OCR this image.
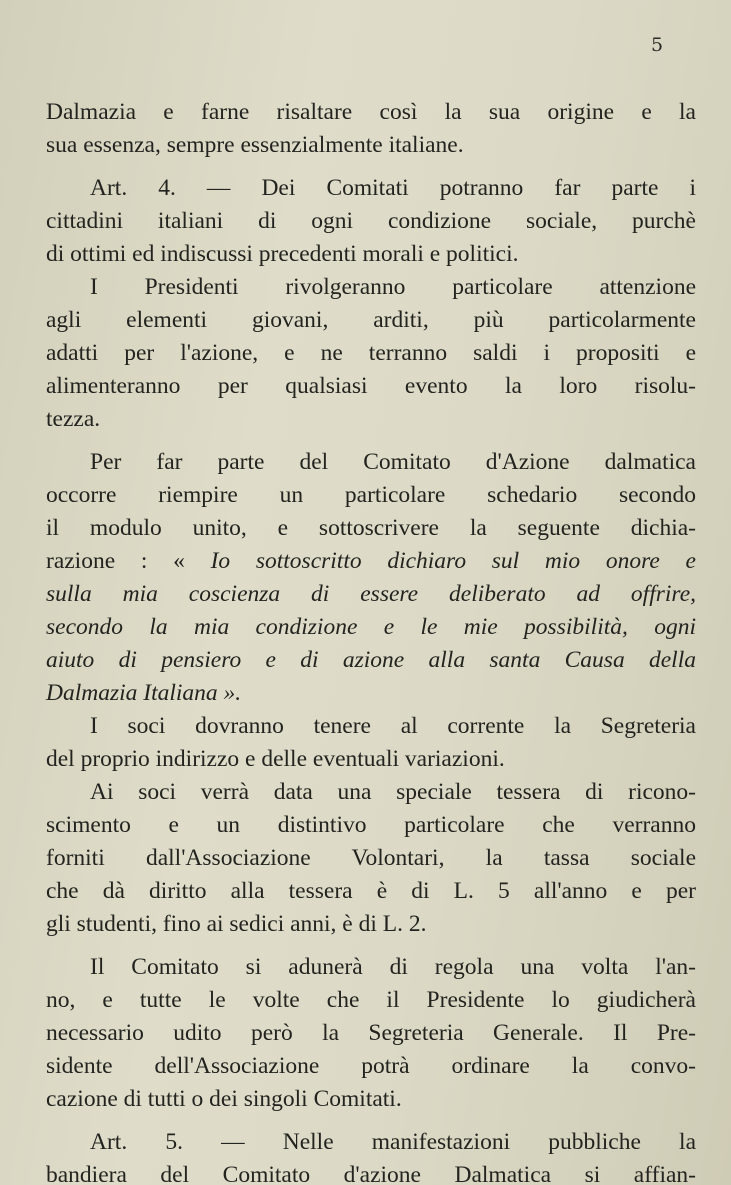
5
Dalmazia e farne risaltare così la sua origine e la
sua essenza, sempre essenzialmente italiane.
Art. 4. — Dei Comitati potranno far parte i
cittadini italiani di ogni condizione sociale, purchè
di ottimi ed indiscussi precedenti morali e politici.
I Presidenti rivolgeranno particolare attenzione
agli elementi giovani, arditi, più particolarmente
adatti per l'azione, e ne terranno saldi i propositi e
alimenteranno per qualsiasi evento la loro risolu-
tezza.
Per far parte del Comitato d'Azione dalmatica
occorre riempire un particolare schedario secondo
il modulo unito, e sottoscrivere la seguente dichia-
razione : « Io sottoscritto dichiaro sul mio onore e
sulla mia coscienza di essere deliberato ad offrire,
secondo la mia condizione e le mie possibilità, ogni
aiuto di pensiero e di azione alla santa Causa della
Dalmazia Italiana ».
I soci dovranno tenere al corrente la Segreteria
del proprio indirizzo e delle eventuali variazioni.
Ai soci verrà data una speciale tessera di ricono-
scimento e un distintivo particolare che verranno
forniti dall'Associazione Volontari, la tassa sociale
che dà diritto alla tessera è di L. 5 all'anno e per
gli studenti, fino ai sedici anni, è di L. 2.
Il Comitato si adunerà di regola una volta l'an-
no, e tutte le volte che il Presidente lo giudicherà
necessario udito però la Segreteria Generale. Il Pre-
sidente dell'Associazione potrà ordinare la convo-
cazione di tutti o dei singoli Comitati.
Art. 5. — Nelle manifestazioni pubbliche la
bandiera del Comitato d'azione Dalmatica si affian-
